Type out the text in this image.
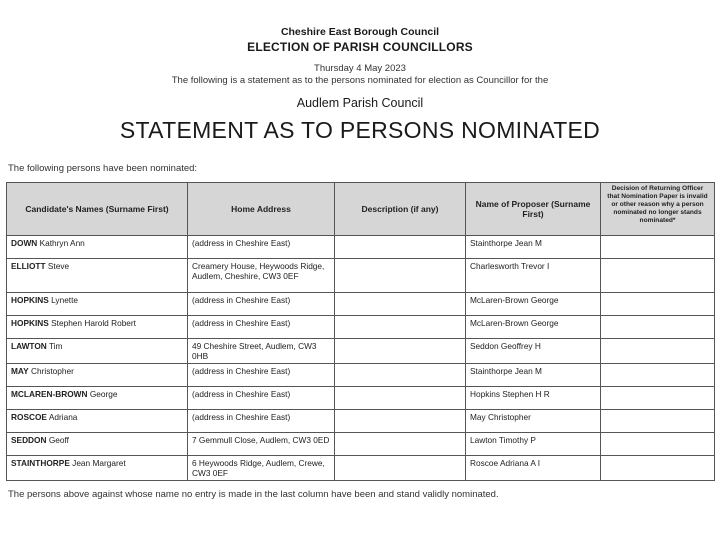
Cheshire East Borough Council
ELECTION OF PARISH COUNCILLORS
Thursday 4 May 2023
The following is a statement as to the persons nominated for election as Councillor for the
Audlem Parish Council
STATEMENT AS TO PERSONS NOMINATED
The following persons have been nominated:
Candidate's Names (Surname First)	Home Address	Description (if any)	Name of Proposer (Surname First)	Decision of Returning Officer that Nomination Paper is invalid or other reason why a person nominated no longer stands nominated*
DOWN Kathryn Ann	(address in Cheshire East)		Stainthorpe Jean M	
ELLIOTT Steve	Creamery House, Heywoods Ridge, Audlem, Cheshire, CW3 0EF		Charlesworth Trevor I	
HOPKINS Lynette	(address in Cheshire East)		McLaren-Brown George	
HOPKINS Stephen Harold Robert	(address in Cheshire East)		McLaren-Brown George	
LAWTON Tim	49 Cheshire Street, Audlem, CW3 0HB		Seddon Geoffrey H	
MAY Christopher	(address in Cheshire East)		Stainthorpe Jean M	
MCLAREN-BROWN George	(address in Cheshire East)		Hopkins Stephen H R	
ROSCOE Adriana	(address in Cheshire East)		May Christopher	
SEDDON Geoff	7 Gemmull Close, Audlem, CW3 0ED		Lawton Timothy P	
STAINTHORPE Jean Margaret	6 Heywoods Ridge, Audlem, Crewe, CW3 0EF		Roscoe Adriana A I	
The persons above against whose name no entry is made in the last column have been and stand validly nominated.
